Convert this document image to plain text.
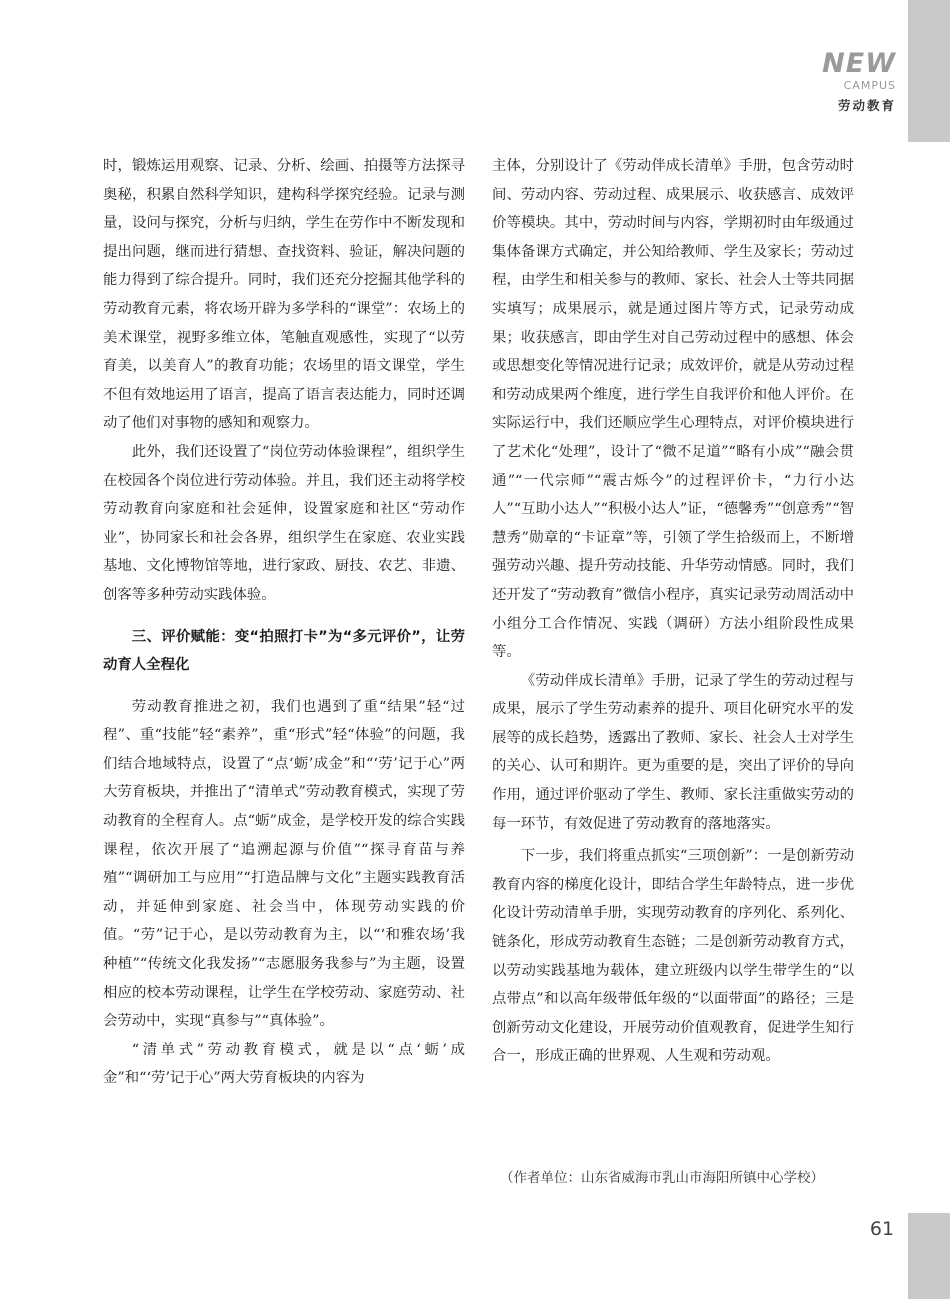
NEW
CAMPUS
劳动教育

时，锻炼运用观察、记录、分析、绘画、拍摄等方法探寻奥秘，积累自然科学知识，建构科学探究经验。记录与测量，设问与探究，分析与归纳，学生在劳作中不断发现和提出问题，继而进行猜想、查找资料、验证，解决问题的能力得到了综合提升。同时，我们还充分挖掘其他学科的劳动教育元素，将农场开辟为多学科的“课堂”：农场上的美术课堂，视野多维立体，笔触直观感性，实现了“以劳育美，以美育人”的教育功能；农场里的语文课堂，学生不但有效地运用了语言，提高了语言表达能力，同时还调动了他们对事物的感知和观察力。

此外，我们还设置了“岗位劳动体验课程”，组织学生在校园各个岗位进行劳动体验。并且，我们还主动将学校劳动教育向家庭和社会延伸，设置家庭和社区“劳动作业”，协同家长和社会各界，组织学生在家庭、农业实践基地、文化博物馆等地，进行家政、厨技、农艺、非遗、创客等多种劳动实践体验。

三、评价赋能：变“拍照打卡”为“多元评价”，让劳动育人全程化

劳动教育推进之初，我们也遇到了重“结果”轻“过程”、重“技能”轻“素养”，重“形式”轻“体验”的问题，我们结合地域特点，设置了“点‘蛎’成金”和“‘劳’记于心”两大劳育板块，并推出了“清单式”劳动教育模式，实现了劳动教育的全程育人。点“蛎”成金，是学校开发的综合实践课程，依次开展了“追溯起源与价值”“探寻育苗与养殖”“调研加工与应用”“打造品牌与文化”主题实践教育活动，并延伸到家庭、社会当中，体现劳动实践的价值。“劳”记于心，是以劳动教育为主，以“‘和雅农场’我种植”“传统文化我发扬”“志愿服务我参与”为主题，设置相应的校本劳动课程，让学生在学校劳动、家庭劳动、社会劳动中，实现“真参与”“真体验”。

“清单式”劳动教育模式，就是以“点‘蛎’成金”和“‘劳’记于心”两大劳育板块的内容为

主体，分别设计了《劳动伴成长清单》手册，包含劳动时间、劳动内容、劳动过程、成果展示、收获感言、成效评价等模块。其中，劳动时间与内容，学期初时由年级通过集体备课方式确定，并公知给教师、学生及家长；劳动过程，由学生和相关参与的教师、家长、社会人士等共同据实填写；成果展示，就是通过图片等方式，记录劳动成果；收获感言，即由学生对自己劳动过程中的感想、体会或思想变化等情况进行记录；成效评价，就是从劳动过程和劳动成果两个维度，进行学生自我评价和他人评价。在实际运行中，我们还顺应学生心理特点，对评价模块进行了艺术化“处理”，设计了“微不足道”“略有小成”“融会贯通”“一代宗师”“震古烁今”的过程评价卡，“力行小达人”“互助小达人”“积极小达人”证，“德馨秀”“创意秀”“智慧秀”勋章的“卡证章”等，引领了学生拾级而上，不断增强劳动兴趣、提升劳动技能、升华劳动情感。同时，我们还开发了“劳动教育”微信小程序，真实记录劳动周活动中小组分工合作情况、实践（调研）方法小组阶段性成果等。

《劳动伴成长清单》手册，记录了学生的劳动过程与成果，展示了学生劳动素养的提升、项目化研究水平的发展等的成长趋势，透露出了教师、家长、社会人士对学生的关心、认可和期许。更为重要的是，突出了评价的导向作用，通过评价驱动了学生、教师、家长注重做实劳动的每一环节，有效促进了劳动教育的落地落实。

下一步，我们将重点抓实“三项创新”：一是创新劳动教育内容的梯度化设计，即结合学生年龄特点，进一步优化设计劳动清单手册，实现劳动教育的序列化、系列化、链条化，形成劳动教育生态链；二是创新劳动教育方式，以劳动实践基地为载体，建立班级内以学生带学生的“以点带点”和以高年级带低年级的“以面带面”的路径；三是创新劳动文化建设，开展劳动价值观教育，促进学生知行合一，形成正确的世界观、人生观和劳动观。

（作者单位：山东省威海市乳山市海阳所镇中心学校）
61
